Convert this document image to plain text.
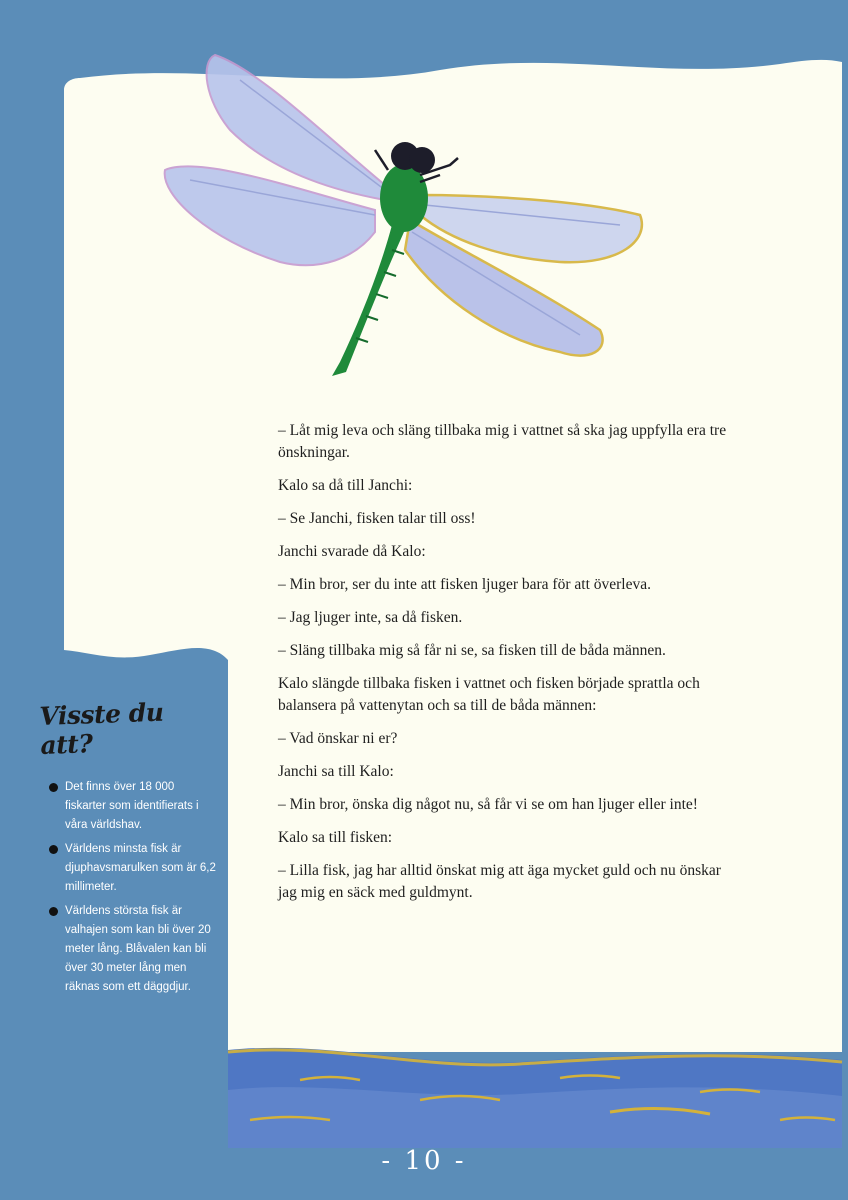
– Låt mig leva och släng tillbaka mig i vattnet så ska jag uppfylla era tre önskningar.

Kalo sa då till Janchi:

– Se Janchi, fisken talar till oss!

Janchi svarade då Kalo:

– Min bror, ser du inte att fisken ljuger bara för att överleva.

– Jag ljuger inte, sa då fisken.

– Släng tillbaka mig så får ni se, sa fisken till de båda männen.

Kalo slängde tillbaka fisken i vattnet och fisken började sprattla och balansera på vattenytan och sa till de båda männen:

– Vad önskar ni er?

Janchi sa till Kalo:

– Min bror, önska dig något nu, så får vi se om han ljuger eller inte!

Kalo sa till fisken:

– Lilla fisk, jag har alltid önskat mig att äga mycket guld och nu önskar jag mig en säck med guldmynt.

Visste du att?
Det finns över 18 000 fiskarter som identifierats i våra världshav.
Världens minsta fisk är djuphavsmarulken som är 6,2 millimeter.
Världens största fisk är valhajen som kan bli över 20 meter lång. Blåvalen kan bli över 30 meter lång men räknas som ett däggdjur.
- 10 -
